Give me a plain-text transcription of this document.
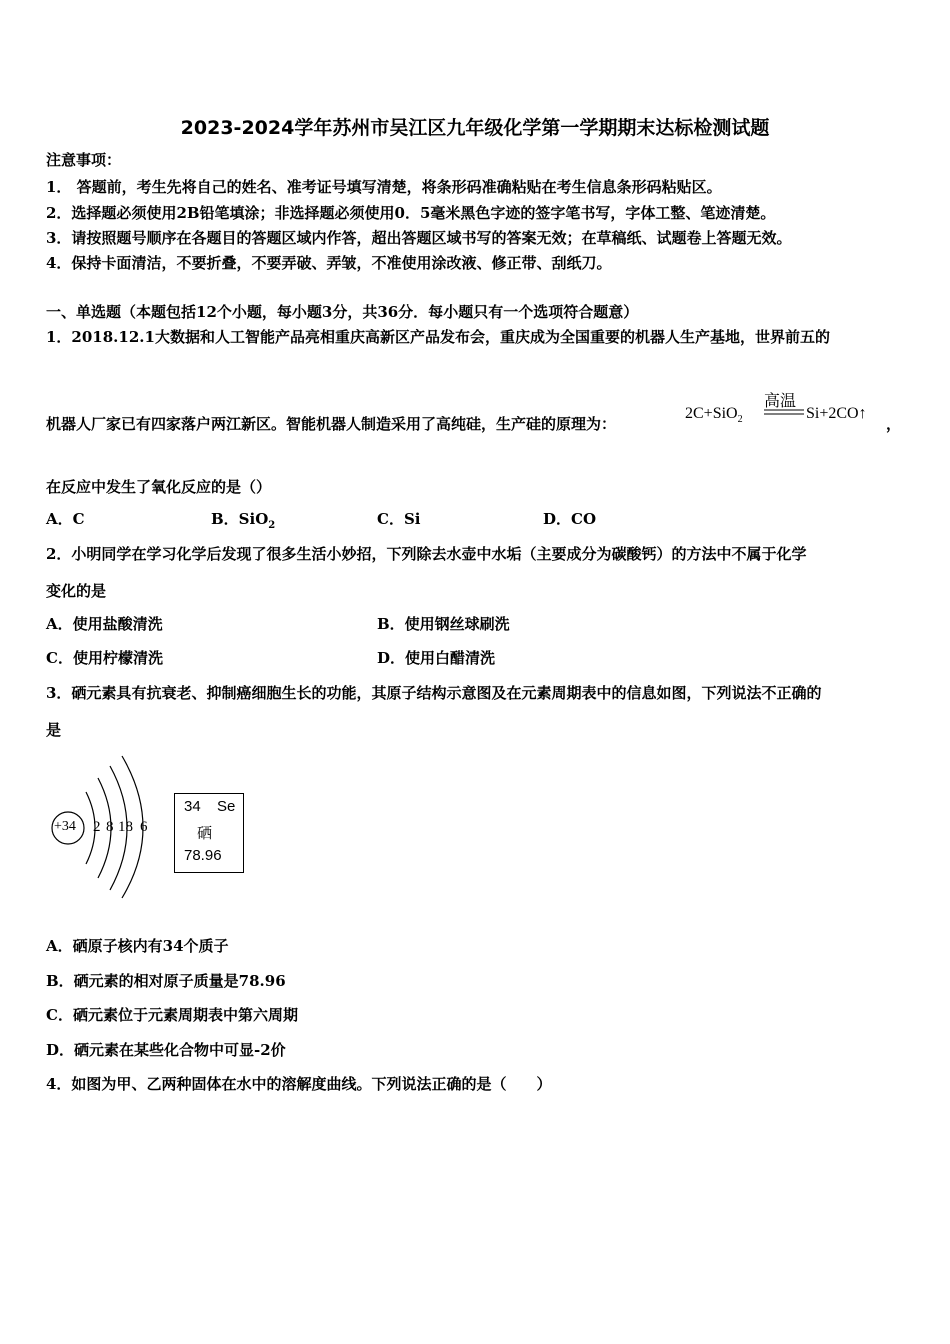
2023-2024学年苏州市吴江区九年级化学第一学期期末达标检测试题
注意事项：
1． 答题前，考生先将自己的姓名、准考证号填写清楚，将条形码准确粘贴在考生信息条形码粘贴区。
2．选择题必须使用2B铅笔填涂；非选择题必须使用0．5毫米黑色字迹的签字笔书写，字体工整、笔迹清楚。
3．请按照题号顺序在各题目的答题区域内作答，超出答题区域书写的答案无效；在草稿纸、试题卷上答题无效。
4．保持卡面清洁，不要折叠，不要弄破、弄皱，不准使用涂改液、修正带、刮纸刀。
一、单选题（本题包括12个小题，每小题3分，共36分．每小题只有一个选项符合题意）
1．2018.12.1大数据和人工智能产品亮相重庆高新区产品发布会，重庆成为全国重要的机器人生产基地，世界前五的
机器人厂家已有四家落户两江新区。智能机器人制造采用了高纯硅，生产硅的原理为：
2C+SiO$_2$
高温
Si+2CO↑
，
在反应中发生了氧化反应的是（）
A．C	B．SiO$_2$	C．Si	D．CO
2．小明同学在学习化学后发现了很多生活小妙招，下列除去水壶中水垢（主要成分为碳酸钙）的方法中不属于化学
变化的是
A．使用盐酸清洗	B．使用钢丝球刷洗
C．使用柠檬清洗	D．使用白醋清洗
3．硒元素具有抗衰老、抑制癌细胞生长的功能，其原子结构示意图及在元素周期表中的信息如图，下列说法不正确的
是
+34 2 8 18 6
34 Se
硒
78.96
A．硒原子核内有34个质子
B．硒元素的相对原子质量是78.96
C．硒元素位于元素周期表中第六周期
D．硒元素在某些化合物中可显-2价
4．如图为甲、乙两种固体在水中的溶解度曲线。下列说法正确的是（　　）
